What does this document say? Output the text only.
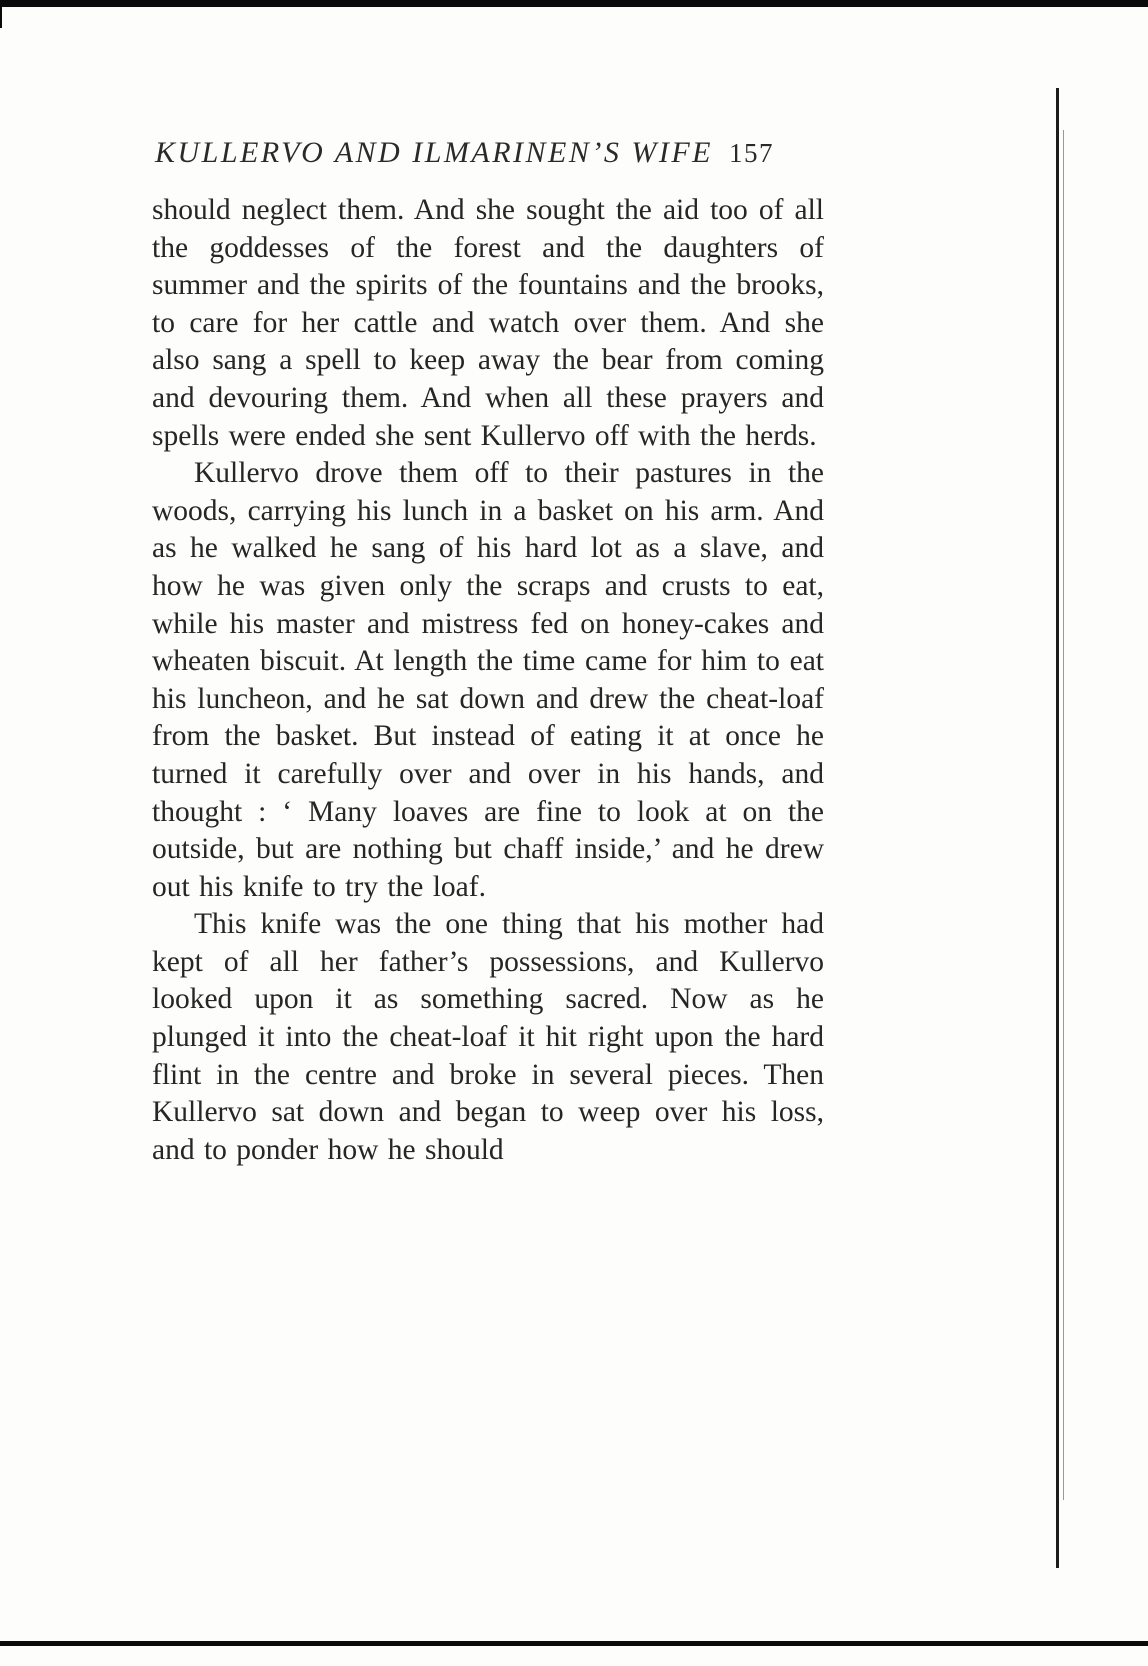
KULLERVO AND ILMARINEN’S WIFE 157

should neglect them. And she sought the aid too of all the goddesses of the forest and the daughters of summer and the spirits of the fountains and the brooks, to care for her cattle and watch over them. And she also sang a spell to keep away the bear from coming and devouring them. And when all these prayers and spells were ended she sent Kullervo off with the herds.

Kullervo drove them off to their pastures in the woods, carrying his lunch in a basket on his arm. And as he walked he sang of his hard lot as a slave, and how he was given only the scraps and crusts to eat, while his master and mistress fed on honey-cakes and wheaten biscuit. At length the time came for him to eat his luncheon, and he sat down and drew the cheat-loaf from the basket. But instead of eating it at once he turned it carefully over and over in his hands, and thought : ‘ Many loaves are fine to look at on the outside, but are nothing but chaff inside,’ and he drew out his knife to try the loaf.

This knife was the one thing that his mother had kept of all her father’s possessions, and Kullervo looked upon it as something sacred. Now as he plunged it into the cheat-loaf it hit right upon the hard flint in the centre and broke in several pieces. Then Kullervo sat down and began to weep over his loss, and to ponder how he should
